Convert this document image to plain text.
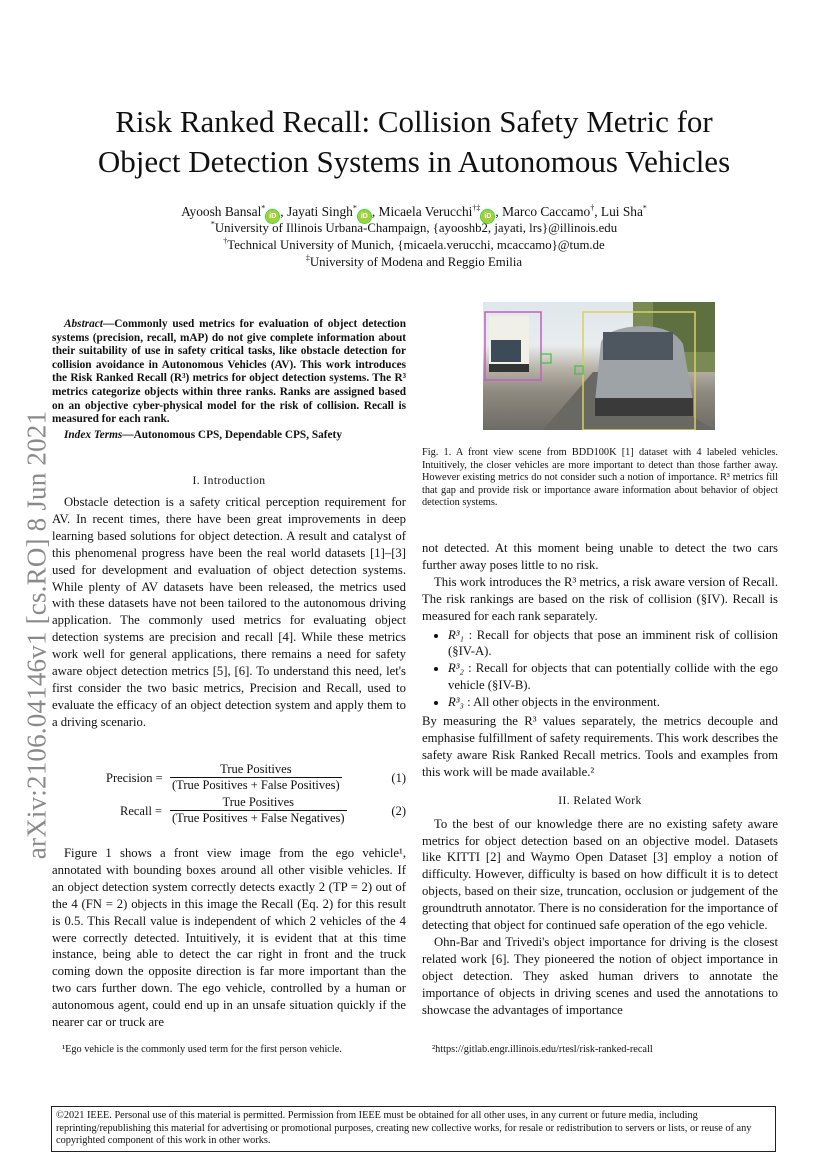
Risk Ranked Recall: Collision Safety Metric for
Object Detection Systems in Autonomous Vehicles
Ayoosh Bansal*iD , Jayati Singh*iD , Micaela Verucchi†‡iD , Marco Caccamo†, Lui Sha*
*University of Illinois Urbana-Champaign, {ayooshb2, jayati, lrs}@illinois.edu
†Technical University of Munich, {micaela.verucchi, mcaccamo}@tum.de
‡University of Modena and Reggio Emilia
arXiv:2106.04146v1 [cs.RO] 8 Jun 2021
Abstract—Commonly used metrics for evaluation of object detection systems (precision, recall, mAP) do not give complete information about their suitability of use in safety critical tasks, like obstacle detection for collision avoidance in Autonomous Vehicles (AV). This work introduces the Risk Ranked Recall (R³) metrics for object detection systems. The R³ metrics categorize objects within three ranks. Ranks are assigned based on an objective cyber-physical model for the risk of collision. Recall is measured for each rank.
Index Terms—Autonomous CPS, Dependable CPS, Safety
I. Introduction

Obstacle detection is a safety critical perception requirement for AV. In recent times, there have been great improvements in deep learning based solutions for object detection. A result and catalyst of this phenomenal progress have been the real world datasets [1]–[3] used for development and evaluation of object detection systems. While plenty of AV datasets have been released, the metrics used with these datasets have not been tailored to the autonomous driving application. The commonly used metrics for evaluating object detection systems are precision and recall [4]. While these metrics work well for general applications, there remains a need for safety aware object detection metrics [5], [6]. To understand this need, let's first consider the two basic metrics, Precision and Recall, used to evaluate the efficacy of an object detection system and apply them to a driving scenario.

Precision =
True Positives
(True Positives + False Positives)	(1)
Recall =
True Positives
(True Positives + False Negatives)	(2)

Figure 1 shows a front view image from the ego vehicle¹, annotated with bounding boxes around all other visible vehicles. If an object detection system correctly detects exactly 2 (TP = 2) out of the 4 (FN = 2) objects in this image the Recall (Eq. 2) for this result is 0.5. This Recall value is independent of which 2 vehicles of the 4 were correctly detected. Intuitively, it is evident that at this time instance, being able to detect the car right in front and the truck coming down the opposite direction is far more important than the two cars further down. The ego vehicle, controlled by a human or autonomous agent, could end up in an unsafe situation quickly if the nearer car or truck are

¹Ego vehicle is the commonly used term for the first person vehicle.
Fig. 1. A front view scene from BDD100K [1] dataset with 4 labeled vehicles. Intuitively, the closer vehicles are more important to detect than those farther away. However existing metrics do not consider such a notion of importance. R³ metrics fill that gap and provide risk or importance aware information about behavior of object detection systems.

not detected. At this moment being unable to detect the two cars further away poses little to no risk.

This work introduces the R³ metrics, a risk aware version of Recall. The risk rankings are based on the risk of collision (§IV). Recall is measured for each rank separately.

• R³₁ : Recall for objects that pose an imminent risk of collision (§IV-A).
• R³₂ : Recall for objects that can potentially collide with the ego vehicle (§IV-B).
• R³₃ : All other objects in the environment.

By measuring the R³ values separately, the metrics decouple and emphasise fulfillment of safety requirements. This work describes the safety aware Risk Ranked Recall metrics. Tools and examples from this work will be made available.²

II. Related Work

To the best of our knowledge there are no existing safety aware metrics for object detection based on an objective model. Datasets like KITTI [2] and Waymo Open Dataset [3] employ a notion of difficulty. However, difficulty is based on how difficult it is to detect objects, based on their size, truncation, occlusion or judgement of the groundtruth annotator. There is no consideration for the importance of detecting that object for continued safe operation of the ego vehicle.

Ohn-Bar and Trivedi's object importance for driving is the closest related work [6]. They pioneered the notion of object importance in object detection. They asked human drivers to annotate the importance of objects in driving scenes and used the annotations to showcase the advantages of importance

²https://gitlab.engr.illinois.edu/rtesl/risk-ranked-recall
©2021 IEEE. Personal use of this material is permitted. Permission from IEEE must be obtained for all other uses, in any current or future media, including reprinting/republishing this material for advertising or promotional purposes, creating new collective works, for resale or redistribution to servers or lists, or reuse of any copyrighted component of this work in other works.
